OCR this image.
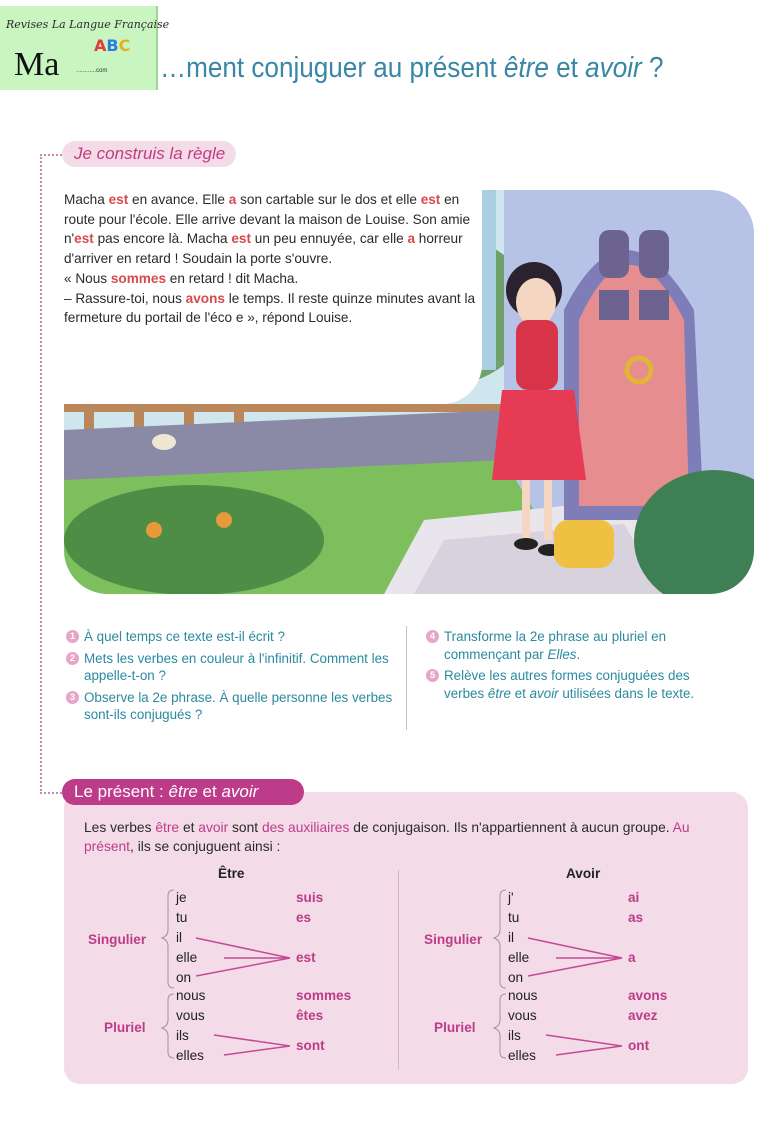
Revises La Langue Française
Ma
ABC
............com …ment conjuguer au présent être et avoir ?
Macha est en avance. Elle a son cartable sur le dos et elle est en route pour l'école. Elle arrive devant la maison de Louise. Son amie n'est pas encore là. Macha est un peu ennuyée, car elle a horreur d'arriver en retard ! Soudain la porte s'ouvre.
« Nous sommes en retard ! dit Macha.
– Rassure-toi, nous avons le temps. Il reste quinze minutes avant la fermeture du portail de l'éco e », répond Louise.
Je construis la règle
1 À quel temps ce texte est-il écrit ?
2 Mets les verbes en couleur à l'infinitif. Comment les appelle-t-on ?
3 Observe la 2e phrase. À quelle personne les verbes sont-ils conjugués ?
4 Transforme la 2e phrase au pluriel en commençant par Elles.
5 Relève les autres formes conjuguées des verbes être et avoir utilisées dans le texte.
Le présent : être et avoir
Les verbes être et avoir sont des auxiliaires de conjugaison. Ils n'appartiennent à aucun groupe. Au présent, ils se conjuguent ainsi :
Être
Singulier
Pluriel
je
tu
il
elle
on
nous
vous
ils
elles
suis
es
est
sommes
êtes
sont
Avoir
Singulier
Pluriel
j'
tu
il
elle
on
nous
vous
ils
elles
ai
as
a
avons
avez
ont
